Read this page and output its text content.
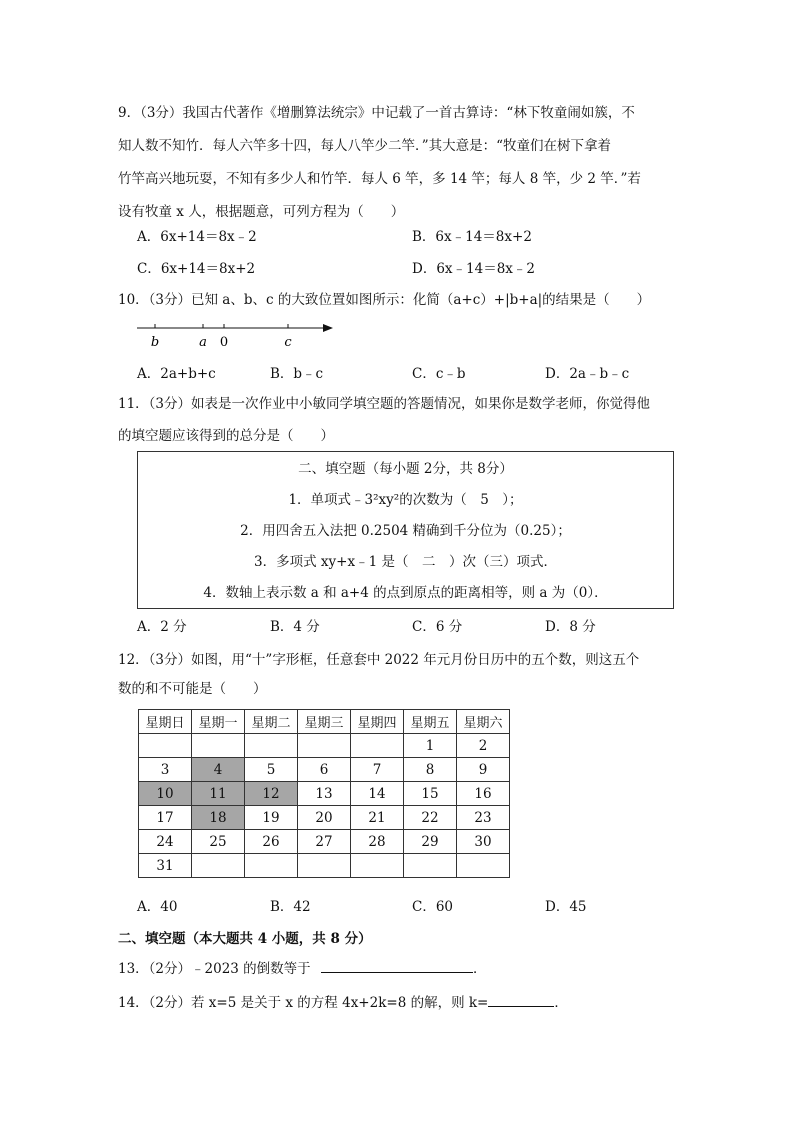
9．（3分）我国古代著作《增删算法统宗》中记载了一首古算诗：“林下牧童闹如簇，不
知人数不知竹．每人六竿多十四，每人八竿少二竿．”其大意是：“牧童们在树下拿着
竹竿高兴地玩耍，不知有多少人和竹竿．每人 6 竿，多 14 竿；每人 8 竿，少 2 竿．”若
设有牧童 x 人，根据题意，可列方程为（　　）
A．6x+14＝8x﹣2	B．6x﹣14＝8x+2
C．6x+14＝8x+2	D．6x﹣14＝8x﹣2
10．（3分）已知 a、b、c 的大致位置如图所示：化简（a+c）+|b+a|的结果是（　　）
b	a 0	c
A．2a+b+c	B．b﹣c	C．c﹣b	D．2a﹣b﹣c
11．（3分）如表是一次作业中小敏同学填空题的答题情况，如果你是数学老师，你觉得他
的填空题应该得到的总分是（　　）
二、填空题（每小题 2分，共 8分）
1．单项式﹣3²xy²的次数为（　5　）；
2．用四舍五入法把 0.2504 精确到千分位为（0.25）；
3．多项式 xy+x﹣1 是（　二　）次（三）项式．
4．数轴上表示数 a 和 a+4 的点到原点的距离相等，则 a 为（0）．
A．2 分	B．4 分	C．6 分	D．8 分
12．（3分）如图，用“十”字形框，任意套中 2022 年元月份日历中的五个数，则这五个
数的和不可能是（　　）
星期日	星期一	星期二	星期三	星期四	星期五	星期六
					1	2
3	4	5	6	7	8	9
10	11	12	13	14	15	16
17	18	19	20	21	22	23
24	25	26	27	28	29	30
31						
A．40	B．42	C．60	D．45
二、填空题（本大题共 4 小题，共 8 分）
13．（2分）﹣2023 的倒数等于	．
14．（2分）若 x=5 是关于 x 的方程 4x+2k=8 的解，则 k=	．
